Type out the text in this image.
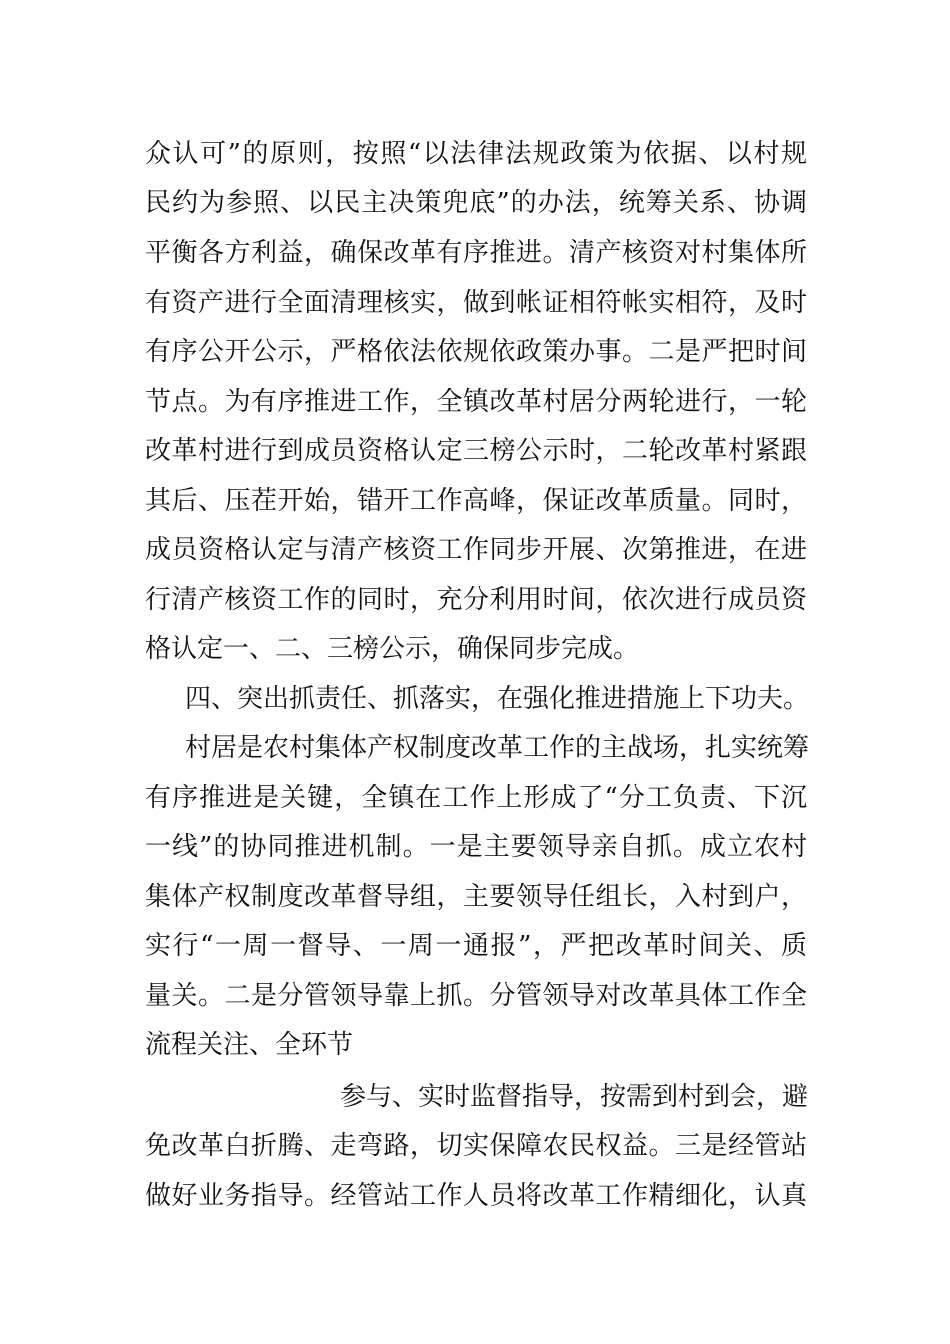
众认可”的原则，按照“以法律法规政策为依据、以村规
民约为参照、以民主决策兜底”的办法，统筹关系、协调
平衡各方利益，确保改革有序推进。清产核资对村集体所
有资产进行全面清理核实，做到帐证相符帐实相符，及时
有序公开公示，严格依法依规依政策办事。二是严把时间
节点。为有序推进工作，全镇改革村居分两轮进行，一轮
改革村进行到成员资格认定三榜公示时，二轮改革村紧跟
其后、压茬开始，错开工作高峰，保证改革质量。同时，
成员资格认定与清产核资工作同步开展、次第推进，在进
行清产核资工作的同时，充分利用时间，依次进行成员资
格认定一、二、三榜公示，确保同步完成。
四、突出抓责任、抓落实，在强化推进措施上下功夫。
村居是农村集体产权制度改革工作的主战场，扎实统筹
有序推进是关键，全镇在工作上形成了“分工负责、下沉
一线”的协同推进机制。一是主要领导亲自抓。成立农村
集体产权制度改革督导组，主要领导任组长，入村到户，
实行“一周一督导、一周一通报”，严把改革时间关、质
量关。二是分管领导靠上抓。分管领导对改革具体工作全
流程关注、全环节
参与、实时监督指导，按需到村到会，避
免改革白折腾、走弯路，切实保障农民权益。三是经管站
做好业务指导。经管站工作人员将改革工作精细化，认真
